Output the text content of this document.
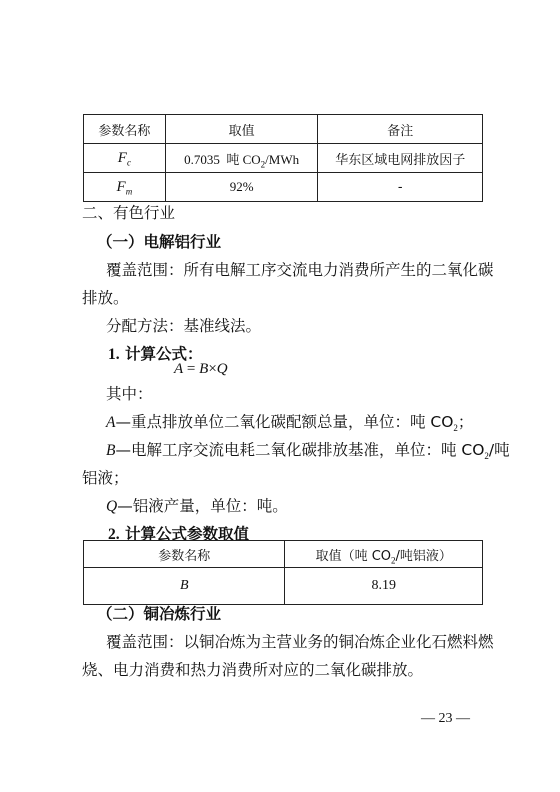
参数名称	取值	备注
$F_c$	0.7035 吨 $CO_2$/MWh	华东区域电网排放因子
$F_m$	92%	-
二、有色行业
（一）电解铝行业
覆盖范围：所有电解工序交流电力消费所产生的二氧化碳
排放。
分配方法：基准线法。
1. 计算公式：
A = B×Q
其中：
A—重点排放单位二氧化碳配额总量，单位：吨 $CO_2$；
B—电解工序交流电耗二氧化碳排放基准，单位：吨 $CO_2/$吨
铝液；
Q—铝液产量，单位：吨。
2. 计算公式参数取值
参数名称	取值（吨 $CO_2/$吨铝液）
B	8.19
（二）铜冶炼行业
覆盖范围：以铜冶炼为主营业务的铜冶炼企业化石燃料燃
烧、电力消费和热力消费所对应的二氧化碳排放。
— 23 —
